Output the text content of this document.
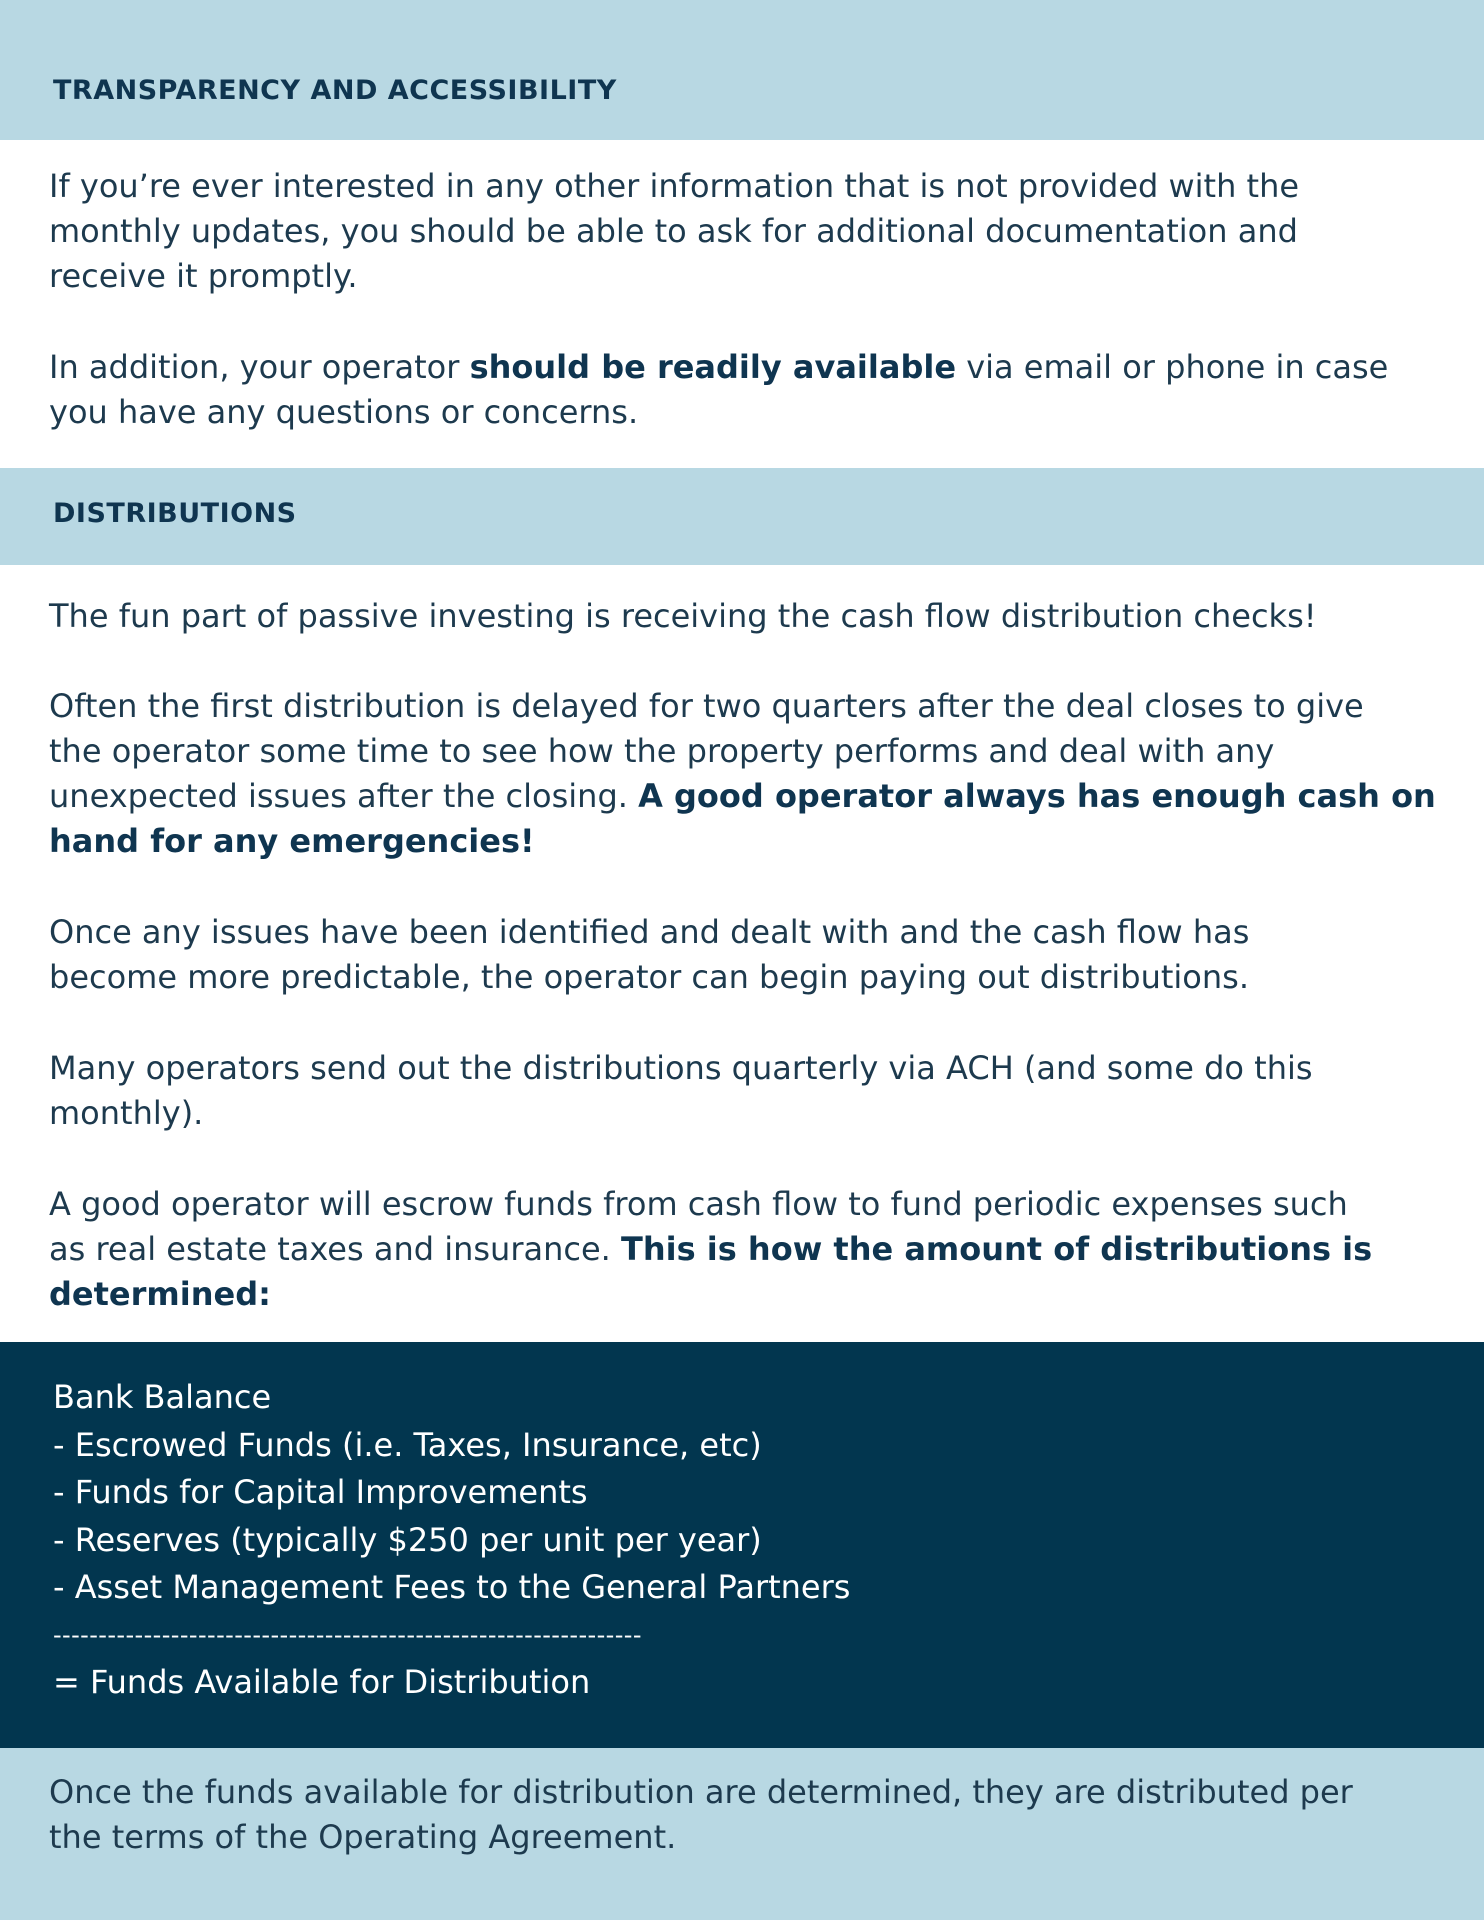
TRANSPARENCY AND ACCESSIBILITY

If you’re ever interested in any other information that is not provided with the
monthly updates, you should be able to ask for additional documentation and
receive it promptly.

In addition, your operator should be readily available via email or phone in case
you have any questions or concerns.

DISTRIBUTIONS

The fun part of passive investing is receiving the cash flow distribution checks!

Often the first distribution is delayed for two quarters after the deal closes to give
the operator some time to see how the property performs and deal with any
unexpected issues after the closing. A good operator always has enough cash on
hand for any emergencies!

Once any issues have been identified and dealt with and the cash flow has
become more predictable, the operator can begin paying out distributions.

Many operators send out the distributions quarterly via ACH (and some do this
monthly).

A good operator will escrow funds from cash flow to fund periodic expenses such
as real estate taxes and insurance. This is how the amount of distributions is
determined:

Bank Balance
- Escrowed Funds (i.e. Taxes, Insurance, etc)
- Funds for Capital Improvements
- Reserves (typically $250 per unit per year)
- Asset Management Fees to the General Partners
-----------------------------------------------------------------
= Funds Available for Distribution

Once the funds available for distribution are determined, they are distributed per
the terms of the Operating Agreement.
